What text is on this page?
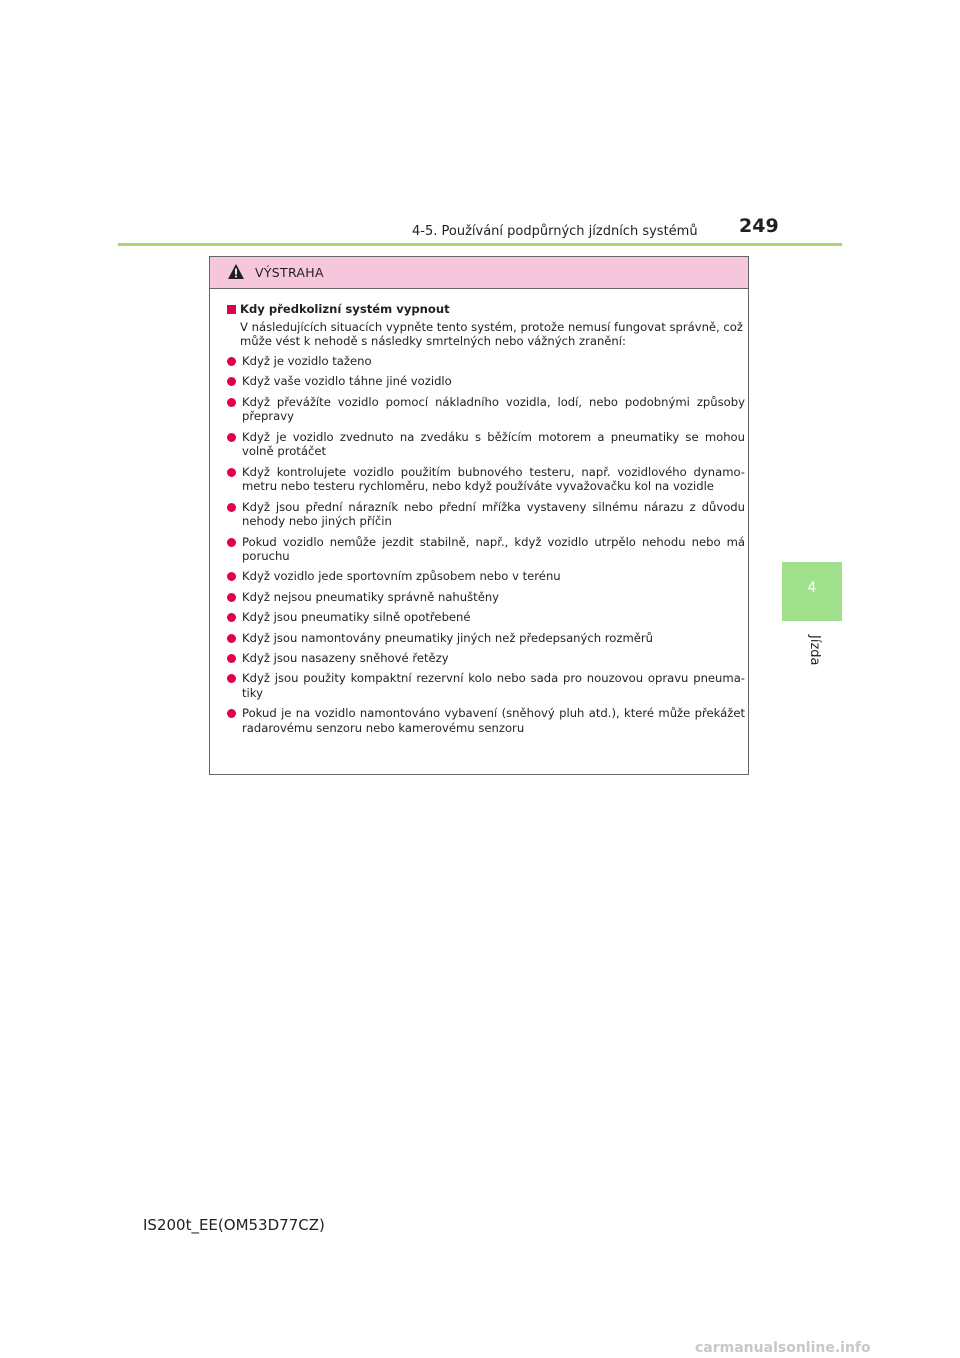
4-5. Používání podpůrných jízdních systémů 249
4
Jízda
VÝSTRAHA
Kdy předkolizní systém vypnout
V následujících situacích vypněte tento systém, protože nemusí fungovat správně, což může vést k nehodě s následky smrtelných nebo vážných zranění:
Když je vozidlo taženo
Když vaše vozidlo táhne jiné vozidlo
Když převážíte vozidlo pomocí nákladního vozidla, lodí, nebo podobnými způsoby přepravy
Když je vozidlo zvednuto na zvedáku s běžícím motorem a pneumatiky se mohou volně protáčet
Když kontrolujete vozidlo použitím bubnového testeru, např. vozidlového dynamo-metru nebo testeru rychloměru, nebo když používáte vyvažovačku kol na vozidle
Když jsou přední nárazník nebo přední mřížka vystaveny silnému nárazu z důvodu nehody nebo jiných příčin
Pokud vozidlo nemůže jezdit stabilně, např., když vozidlo utrpělo nehodu nebo má poruchu
Když vozidlo jede sportovním způsobem nebo v terénu
Když nejsou pneumatiky správně nahuštěny
Když jsou pneumatiky silně opotřebené
Když jsou namontovány pneumatiky jiných než předepsaných rozměrů
Když jsou nasazeny sněhové řetězy
Když jsou použity kompaktní rezervní kolo nebo sada pro nouzovou opravu pneuma-tiky
Pokud je na vozidlo namontováno vybavení (sněhový pluh atd.), které může překážet radarovému senzoru nebo kamerovému senzoru
IS200t_EE(OM53D77CZ)
carmanualsonline.info
